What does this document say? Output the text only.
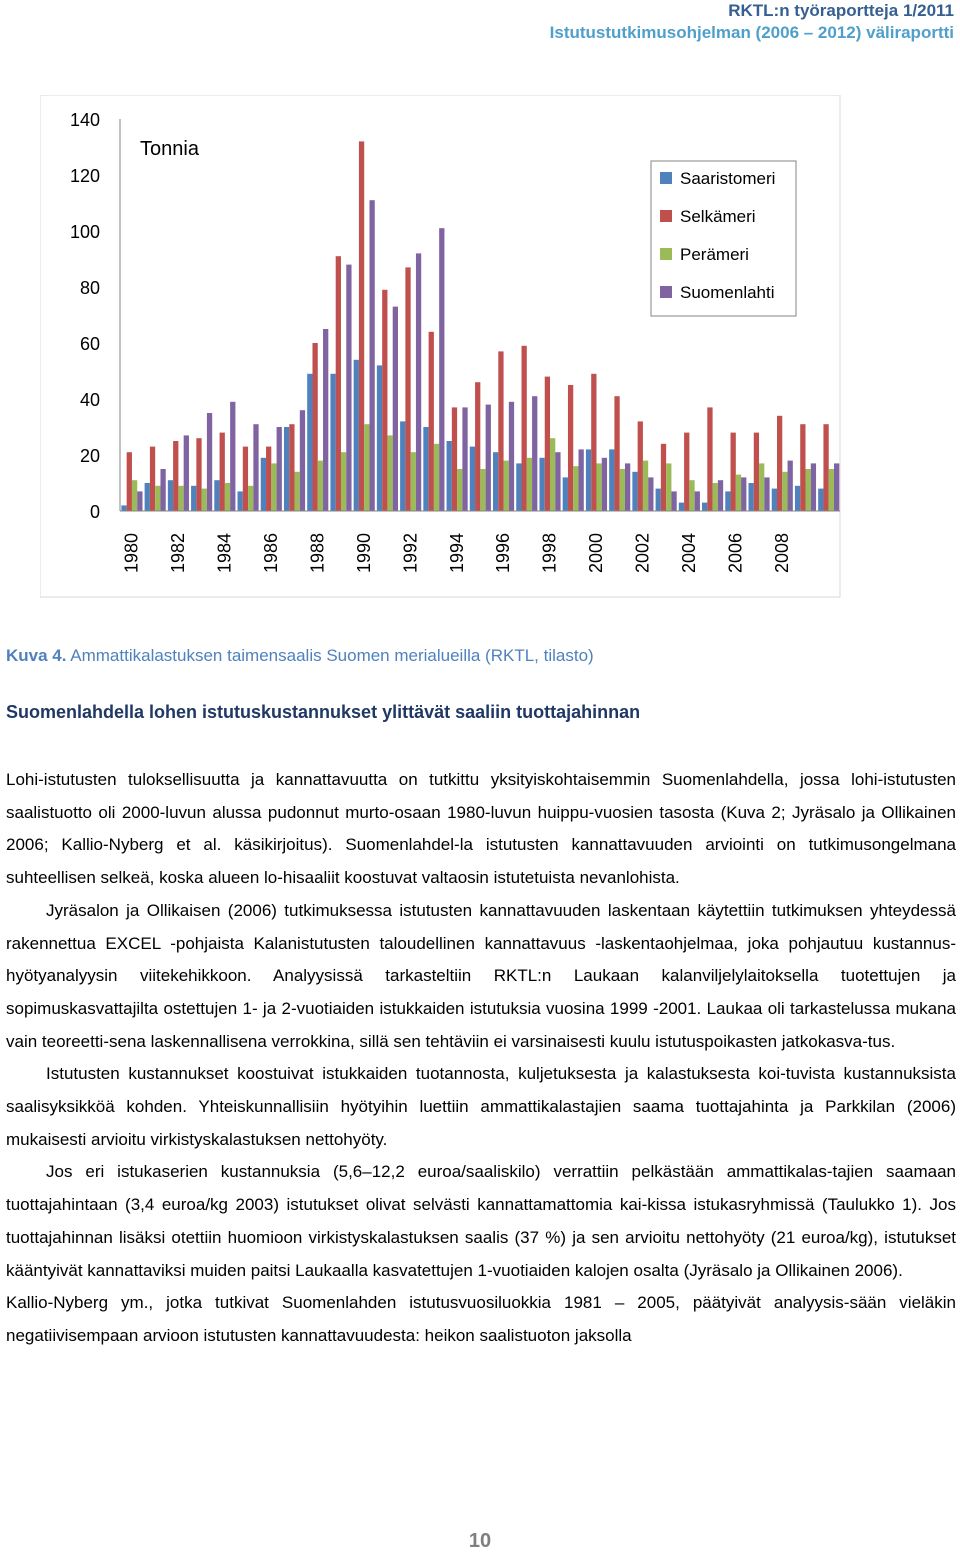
RKTL:n työraportteja 1/2011
Istutustutkimusohjelman (2006 – 2012) väliraportti
0
20
40
60
80
100
120
140
1980 1982 1984 1986 1988 1990 1992 1994 1996 1998 2000 2002 2004 2006 2008
Tonnia
Saaristomeri
Selkämeri
Perämeri
Suomenlahti
Kuva 4. Ammattikalastuksen taimensaalis Suomen merialueilla (RKTL, tilasto)
Suomenlahdella lohen istutuskustannukset ylittävät saaliin tuottajahinnan

Lohi-istutusten tuloksellisuutta ja kannattavuutta on tutkittu yksityiskohtaisemmin Suomenlahdella, jossa lohi-istutusten saalistuotto oli 2000-luvun alussa pudonnut murto-osaan 1980-luvun huippu-vuosien tasosta (Kuva 2; Jyräsalo ja Ollikainen 2006; Kallio-Nyberg et al. käsikirjoitus). Suomenlahdel-la istutusten kannattavuuden arviointi on tutkimusongelmana suhteellisen selkeä, koska alueen lo-hisaaliit koostuvat valtaosin istutetuista nevanlohista.

Jyräsalon ja Ollikaisen (2006) tutkimuksessa istutusten kannattavuuden laskentaan käytettiin tutkimuksen yhteydessä rakennettua EXCEL -pohjaista Kalanistutusten taloudellinen kannattavuus -laskentaohjelmaa, joka pohjautuu kustannus-hyötyanalyysin viitekehikkoon. Analyysissä tarkasteltiin RKTL:n Laukaan kalanviljelylaitoksella tuotettujen ja sopimuskasvattajilta ostettujen 1- ja 2-vuotiaiden istukkaiden istutuksia vuosina 1999 -2001. Laukaa oli tarkastelussa mukana vain teoreetti-sena laskennallisena verrokkina, sillä sen tehtäviin ei varsinaisesti kuulu istutuspoikasten jatkokasva-tus.

Istutusten kustannukset koostuivat istukkaiden tuotannosta, kuljetuksesta ja kalastuksesta koi-tuvista kustannuksista saalisyksikköä kohden. Yhteiskunnallisiin hyötyihin luettiin ammattikalastajien saama tuottajahinta ja Parkkilan (2006) mukaisesti arvioitu virkistyskalastuksen nettohyöty.

Jos eri istukaserien kustannuksia (5,6–12,2 euroa/saaliskilo) verrattiin pelkästään ammattikalas-tajien saamaan tuottajahintaan (3,4 euroa/kg 2003) istutukset olivat selvästi kannattamattomia kai-kissa istukasryhmissä (Taulukko 1). Jos tuottajahinnan lisäksi otettiin huomioon virkistyskalastuksen saalis (37 %) ja sen arvioitu nettohyöty (21 euroa/kg), istutukset kääntyivät kannattaviksi muiden paitsi Laukaalla kasvatettujen 1-vuotiaiden kalojen osalta (Jyräsalo ja Ollikainen 2006).

Kallio-Nyberg ym., jotka tutkivat Suomenlahden istutusvuosiluokkia 1981 – 2005, päätyivät analyysis-sään vieläkin negatiivisempaan arvioon istutusten kannattavuudesta: heikon saalistuoton jaksolla

10
